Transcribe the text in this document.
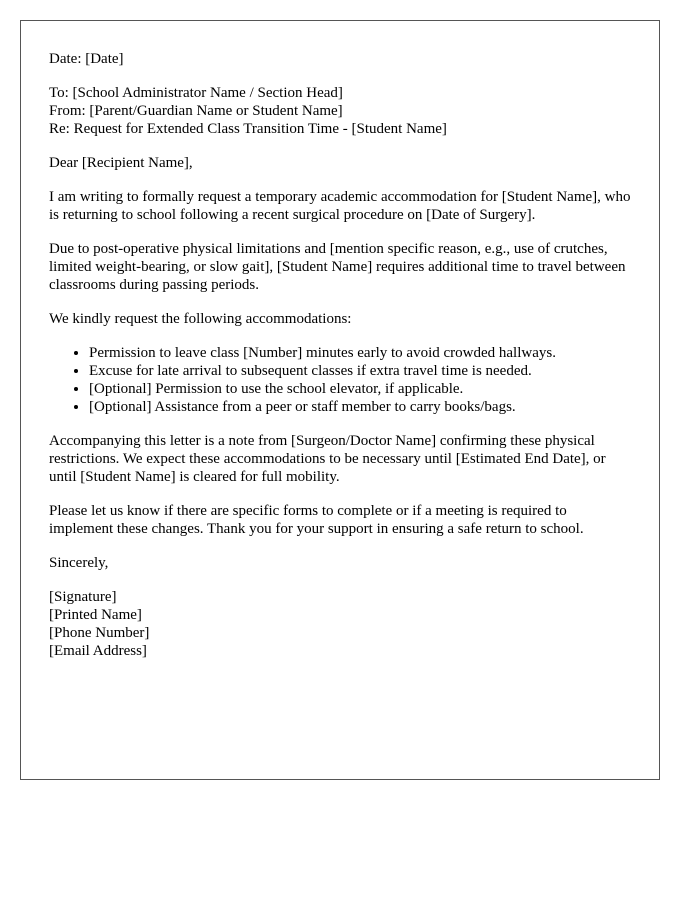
Date: [Date]

To: [School Administrator Name / Section Head]
From: [Parent/Guardian Name or Student Name]
Re: Request for Extended Class Transition Time - [Student Name]

Dear [Recipient Name],

I am writing to formally request a temporary academic accommodation for [Student Name], who is returning to school following a recent surgical procedure on [Date of Surgery].

Due to post-operative physical limitations and [mention specific reason, e.g., use of crutches, limited weight-bearing, or slow gait], [Student Name] requires additional time to travel between classrooms during passing periods.

We kindly request the following accommodations:

• Permission to leave class [Number] minutes early to avoid crowded hallways.
• Excuse for late arrival to subsequent classes if extra travel time is needed.
• [Optional] Permission to use the school elevator, if applicable.
• [Optional] Assistance from a peer or staff member to carry books/bags.

Accompanying this letter is a note from [Surgeon/Doctor Name] confirming these physical restrictions. We expect these accommodations to be necessary until [Estimated End Date], or until [Student Name] is cleared for full mobility.

Please let us know if there are specific forms to complete or if a meeting is required to implement these changes. Thank you for your support in ensuring a safe return to school.

Sincerely,

[Signature]
[Printed Name]
[Phone Number]
[Email Address]
